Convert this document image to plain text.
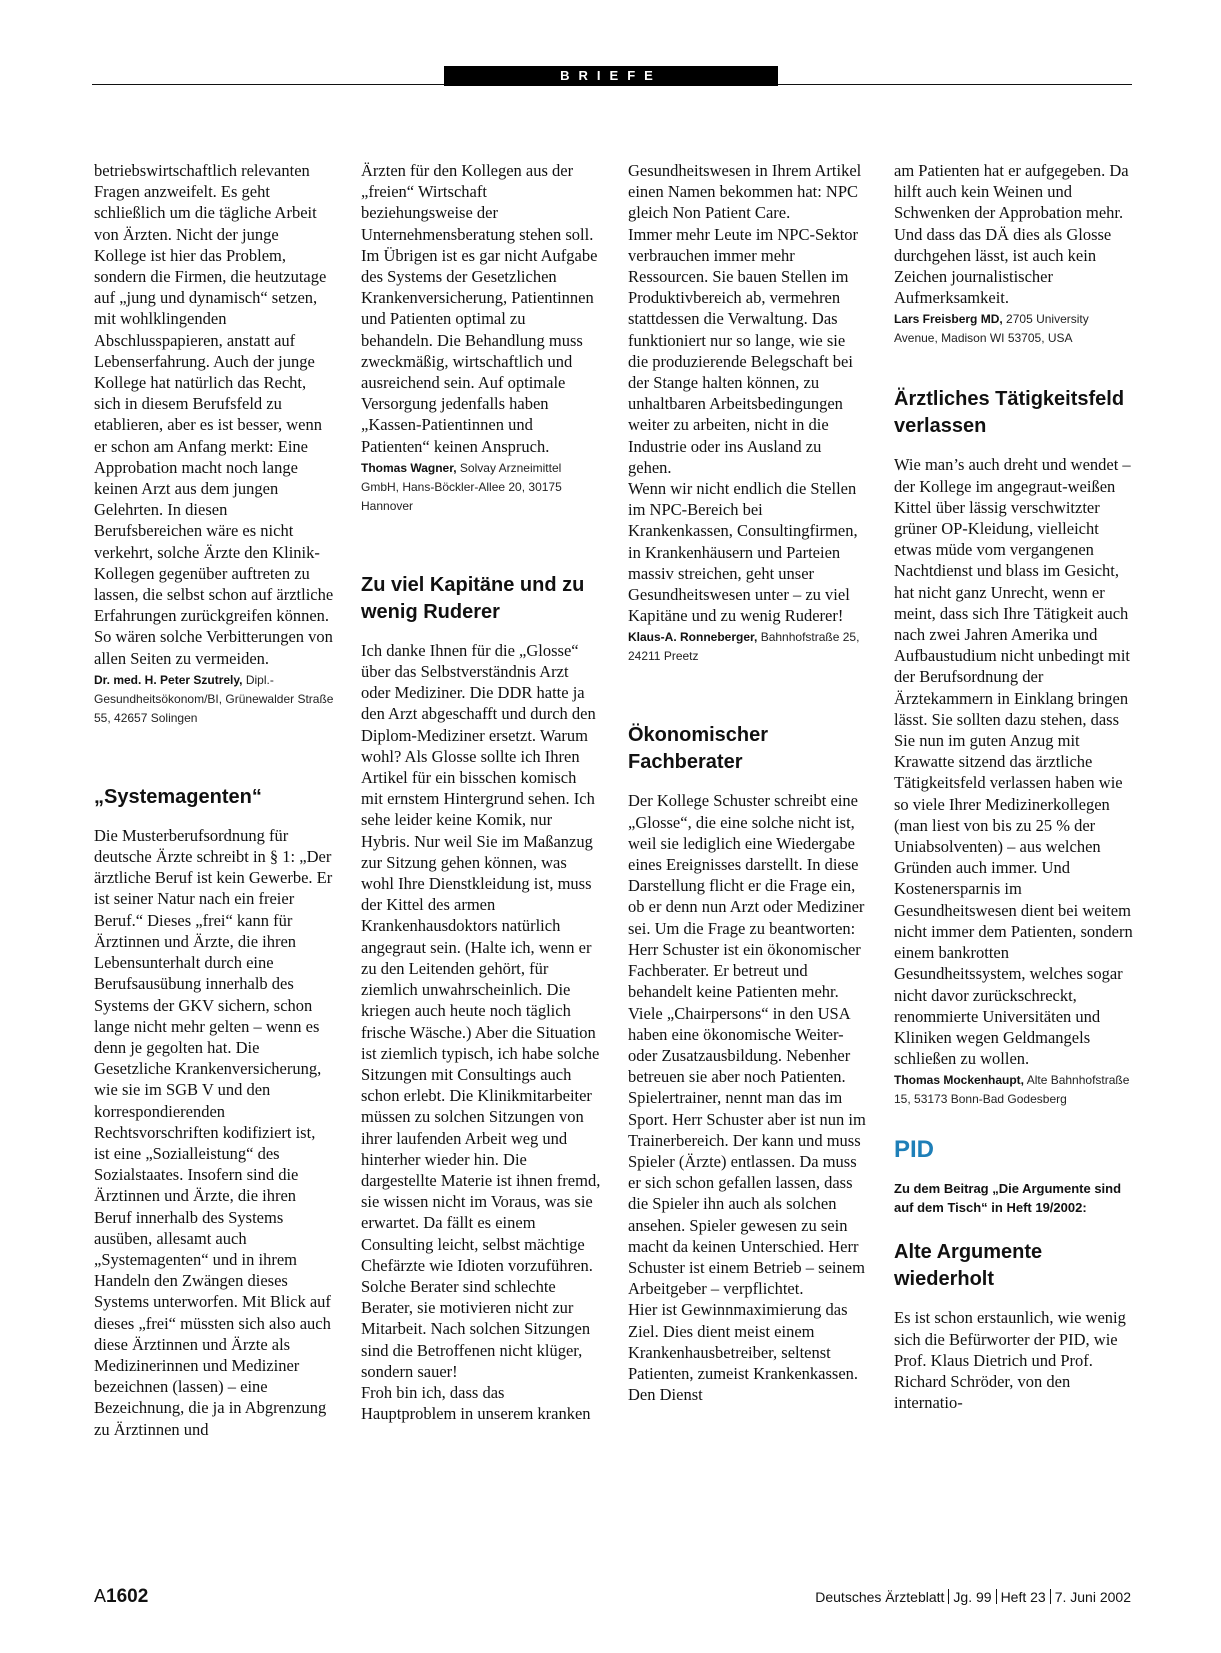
BRIEFE

betriebswirtschaftlich relevanten Fragen anzweifelt. Es geht schließlich um die tägliche Arbeit von Ärzten. Nicht der junge Kollege ist hier das Problem, sondern die Firmen, die heutzutage auf „jung und dynamisch“ setzen, mit wohlklingenden Abschlusspapieren, anstatt auf Lebenserfahrung. Auch der junge Kollege hat natürlich das Recht, sich in diesem Berufsfeld zu etablieren, aber es ist besser, wenn er schon am Anfang merkt: Eine Approbation macht noch lange keinen Arzt aus dem jungen Gelehrten. In diesen Berufsbereichen wäre es nicht verkehrt, solche Ärzte den Klinik-Kollegen gegenüber auftreten zu lassen, die selbst schon auf ärztliche Erfahrungen zurückgreifen können. So wären solche Verbitterungen von allen Seiten zu vermeiden.

Dr. med. H. Peter Szutrely, Dipl.-Gesundheitsökonom/BI, Grünewalder Straße 55, 42657 Solingen
„Systemagenten“

Die Musterberufsordnung für deutsche Ärzte schreibt in § 1: „Der ärztliche Beruf ist kein Gewerbe. Er ist seiner Natur nach ein freier Beruf.“ Dieses „frei“ kann für Ärztinnen und Ärzte, die ihren Lebensunterhalt durch eine Berufsausübung innerhalb des Systems der GKV sichern, schon lange nicht mehr gelten – wenn es denn je gegolten hat. Die Gesetzliche Krankenversicherung, wie sie im SGB V und den korrespondierenden Rechtsvorschriften kodifiziert ist, ist eine „Sozialleistung“ des Sozialstaates. Insofern sind die Ärztinnen und Ärzte, die ihren Beruf innerhalb des Systems ausüben, allesamt auch „Systemagenten“ und in ihrem Handeln den Zwängen dieses Systems unterworfen. Mit Blick auf dieses „frei“ müssten sich also auch diese Ärztinnen und Ärzte als Medizinerinnen und Mediziner bezeichnen (lassen) – eine Bezeichnung, die ja in Abgrenzung zu Ärztinnen und

Ärzten für den Kollegen aus der „freien“ Wirtschaft beziehungsweise der Unternehmensberatung stehen soll. Im Übrigen ist es gar nicht Aufgabe des Systems der Gesetzlichen Krankenversicherung, Patientinnen und Patienten optimal zu behandeln. Die Behandlung muss zweckmäßig, wirtschaftlich und ausreichend sein. Auf optimale Versorgung jedenfalls haben „Kassen-Patientinnen und Patienten“ keinen Anspruch.

Thomas Wagner, Solvay Arzneimittel GmbH, Hans-Böckler-Allee 20, 30175 Hannover
Zu viel Kapitäne und zu wenig Ruderer

Ich danke Ihnen für die „Glosse“ über das Selbstverständnis Arzt oder Mediziner. Die DDR hatte ja den Arzt abgeschafft und durch den Diplom-Mediziner ersetzt. Warum wohl? Als Glosse sollte ich Ihren Artikel für ein bisschen komisch mit ernstem Hintergrund sehen. Ich sehe leider keine Komik, nur Hybris. Nur weil Sie im Maßanzug zur Sitzung gehen können, was wohl Ihre Dienstkleidung ist, muss der Kittel des armen Krankenhausdoktors natürlich angegraut sein. (Halte ich, wenn er zu den Leitenden gehört, für ziemlich unwahrscheinlich. Die kriegen auch heute noch täglich frische Wäsche.) Aber die Situation ist ziemlich typisch, ich habe solche Sitzungen mit Consultings auch schon erlebt. Die Klinikmitarbeiter müssen zu solchen Sitzungen von ihrer laufenden Arbeit weg und hinterher wieder hin. Die dargestellte Materie ist ihnen fremd, sie wissen nicht im Voraus, was sie erwartet. Da fällt es einem Consulting leicht, selbst mächtige Chefärzte wie Idioten vorzuführen. Solche Berater sind schlechte Berater, sie motivieren nicht zur Mitarbeit. Nach solchen Sitzungen sind die Betroffenen nicht klüger, sondern sauer!

Froh bin ich, dass das Hauptproblem in unserem kranken

Gesundheitswesen in Ihrem Artikel einen Namen bekommen hat: NPC gleich Non Patient Care.

Immer mehr Leute im NPC-Sektor verbrauchen immer mehr Ressourcen. Sie bauen Stellen im Produktivbereich ab, vermehren stattdessen die Verwaltung. Das funktioniert nur so lange, wie sie die produzierende Belegschaft bei der Stange halten können, zu unhaltbaren Arbeitsbedingungen weiter zu arbeiten, nicht in die Industrie oder ins Ausland zu gehen.

Wenn wir nicht endlich die Stellen im NPC-Bereich bei Krankenkassen, Consultingfirmen, in Krankenhäusern und Parteien massiv streichen, geht unser Gesundheitswesen unter – zu viel Kapitäne und zu wenig Ruderer!

Klaus-A. Ronneberger, Bahnhofstraße 25, 24211 Preetz
Ökonomischer Fachberater

Der Kollege Schuster schreibt eine „Glosse“, die eine solche nicht ist, weil sie lediglich eine Wiedergabe eines Ereignisses darstellt. In diese Darstellung flicht er die Frage ein, ob er denn nun Arzt oder Mediziner sei. Um die Frage zu beantworten: Herr Schuster ist ein ökonomischer Fachberater. Er betreut und behandelt keine Patienten mehr. Viele „Chairpersons“ in den USA haben eine ökonomische Weiter- oder Zusatzausbildung. Nebenher betreuen sie aber noch Patienten. Spielertrainer, nennt man das im Sport. Herr Schuster aber ist nun im Trainerbereich. Der kann und muss Spieler (Ärzte) entlassen. Da muss er sich schon gefallen lassen, dass die Spieler ihn auch als solchen ansehen. Spieler gewesen zu sein macht da keinen Unterschied. Herr Schuster ist einem Betrieb – seinem Arbeitgeber – verpflichtet.

Hier ist Gewinnmaximierung das Ziel. Dies dient meist einem Krankenhausbetreiber, seltenst Patienten, zumeist Krankenkassen. Den Dienst

am Patienten hat er aufgegeben. Da hilft auch kein Weinen und Schwenken der Approbation mehr. Und dass das DÄ dies als Glosse durchgehen lässt, ist auch kein Zeichen journalistischer Aufmerksamkeit.

Lars Freisberg MD, 2705 University Avenue, Madison WI 53705, USA
Ärztliches Tätigkeitsfeld verlassen

Wie man’s auch dreht und wendet – der Kollege im angegraut-weißen Kittel über lässig verschwitzter grüner OP-Kleidung, vielleicht etwas müde vom vergangenen Nachtdienst und blass im Gesicht, hat nicht ganz Unrecht, wenn er meint, dass sich Ihre Tätigkeit auch nach zwei Jahren Amerika und Aufbaustudium nicht unbedingt mit der Berufsordnung der Ärztekammern in Einklang bringen lässt. Sie sollten dazu stehen, dass Sie nun im guten Anzug mit Krawatte sitzend das ärztliche Tätigkeitsfeld verlassen haben wie so viele Ihrer Medizinerkollegen (man liest von bis zu 25 % der Uniabsolventen) – aus welchen Gründen auch immer. Und Kostenersparnis im Gesundheitswesen dient bei weitem nicht immer dem Patienten, sondern einem bankrotten Gesundheitssystem, welches sogar nicht davor zurückschreckt, renommierte Universitäten und Kliniken wegen Geldmangels schließen zu wollen.

Thomas Mockenhaupt, Alte Bahnhofstraße 15, 53173 Bonn-Bad Godesberg
PID
Zu dem Beitrag „Die Argumente sind auf dem Tisch“ in Heft 19/2002:
Alte Argumente wiederholt

Es ist schon erstaunlich, wie wenig sich die Befürworter der PID, wie Prof. Klaus Dietrich und Prof. Richard Schröder, von den internatio-

A1602	Deutsches Ärzteblatt Jg. 99 Heft 23 7. Juni 2002
